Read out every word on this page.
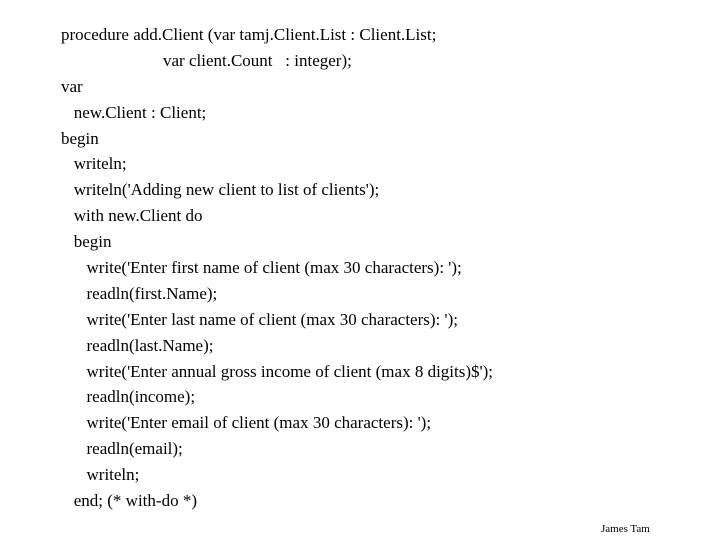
procedure add.Client (var tamj.Client.List : Client.List;
var client.Count   : integer);
var
new.Client : Client;
begin
writeln;
writeln('Adding new client to list of clients');
with new.Client do
begin
write('Enter first name of client (max 30 characters): ');
readln(first.Name);
write('Enter last name of client (max 30 characters): ');
readln(last.Name);
write('Enter annual gross income of client (max 8 digits)$');
readln(income);
write('Enter email of client (max 30 characters): ');
readln(email);
writeln;
end; (* with-do *)
James Tam
